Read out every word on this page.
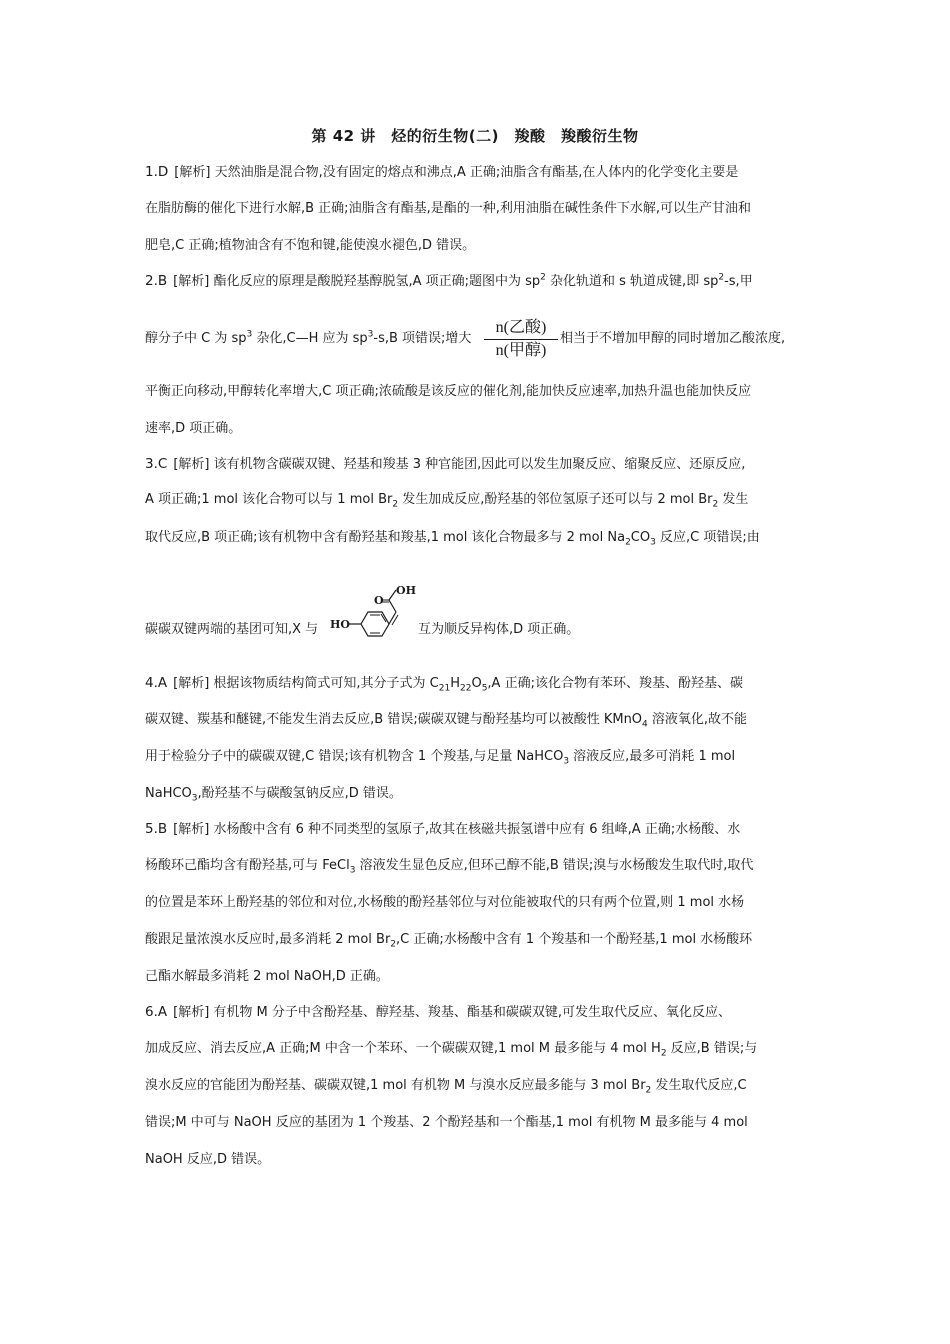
第 42 讲　烃的衍生物(二)　羧酸　羧酸衍生物
1.D [解析] 天然油脂是混合物,没有固定的熔点和沸点,A 正确;油脂含有酯基,在人体内的化学变化主要是
在脂肪酶的催化下进行水解,B 正确;油脂含有酯基,是酯的一种,利用油脂在碱性条件下水解,可以生产甘油和
肥皂,C 正确;植物油含有不饱和键,能使溴水褪色,D 错误。
2.B [解析] 酯化反应的原理是酸脱羟基醇脱氢,A 项正确;题图中为 $sp^2$ 杂化轨道和 s 轨道成键,即 $sp^2-s$,甲
醇分子中 C 为 $sp^3$ 杂化,C—H 应为 $sp^3-s,B$ 项错误;增大
n(乙酸)
n(甲醇)
相当于不增加甲醇的同时增加乙酸浓度,
平衡正向移动,甲醇转化率增大,C 项正确;浓硫酸是该反应的催化剂,能加快反应速率,加热升温也能加快反应
速率,D 项正确。
3.C [解析] 该有机物含碳碳双键、羟基和羧基 3 种官能团,因此可以发生加聚反应、缩聚反应、还原反应,
A 项正确;1 mol 该化合物可以与 1 mol $Br_2$ 发生加成反应,酚羟基的邻位氢原子还可以与 2 mol $Br_2$ 发生
取代反应,B 项正确;该有机物中含有酚羟基和羧基,1 mol 该化合物最多与 2 mol $Na_2CO_3$ 反应,C 项错误;由
碳碳双键两端的基团可知,X 与 HO
O
OH
互为顺反异构体,D 项正确。
4.A [解析] 根据该物质结构简式可知,其分子式为 $C_{21}H_{22}O_5,A$ 正确;该化合物有苯环、羧基、酚羟基、碳
碳双键、羰基和醚键,不能发生消去反应,B 错误;碳碳双键与酚羟基均可以被酸性 KMnO$_4$ 溶液氧化,故不能
用于检验分子中的碳碳双键,C 错误;该有机物含 1 个羧基,与足量 NaHCO$_3$ 溶液反应,最多可消耗 1 mol
NaHCO$_3$,酚羟基不与碳酸氢钠反应,D 错误。
5.B [解析] 水杨酸中含有 6 种不同类型的氢原子,故其在核磁共振氢谱中应有 6 组峰,A 正确;水杨酸、水
杨酸环己酯均含有酚羟基,可与 FeCl$_3$ 溶液发生显色反应,但环己醇不能,B 错误;溴与水杨酸发生取代时,取代
的位置是苯环上酚羟基的邻位和对位,水杨酸的酚羟基邻位与对位能被取代的只有两个位置,则 1 mol 水杨
酸跟足量浓溴水反应时,最多消耗 2 mol $Br_2,C$ 正确;水杨酸中含有 1 个羧基和一个酚羟基,1 mol 水杨酸环
己酯水解最多消耗 2 mol NaOH,D 正确。
6.A [解析] 有机物 M 分子中含酚羟基、醇羟基、羧基、酯基和碳碳双键,可发生取代反应、氧化反应、
加成反应、消去反应,A 正确;M 中含一个苯环、一个碳碳双键,1 mol M 最多能与 4 mol $H_2$ 反应,B 错误;与
溴水反应的官能团为酚羟基、碳碳双键,1 mol 有机物 M 与溴水反应最多能与 3 mol $Br_2$ 发生取代反应,C
错误;M 中可与 NaOH 反应的基团为 1 个羧基、2 个酚羟基和一个酯基,1 mol 有机物 M 最多能与 4 mol
NaOH 反应,D 错误。
